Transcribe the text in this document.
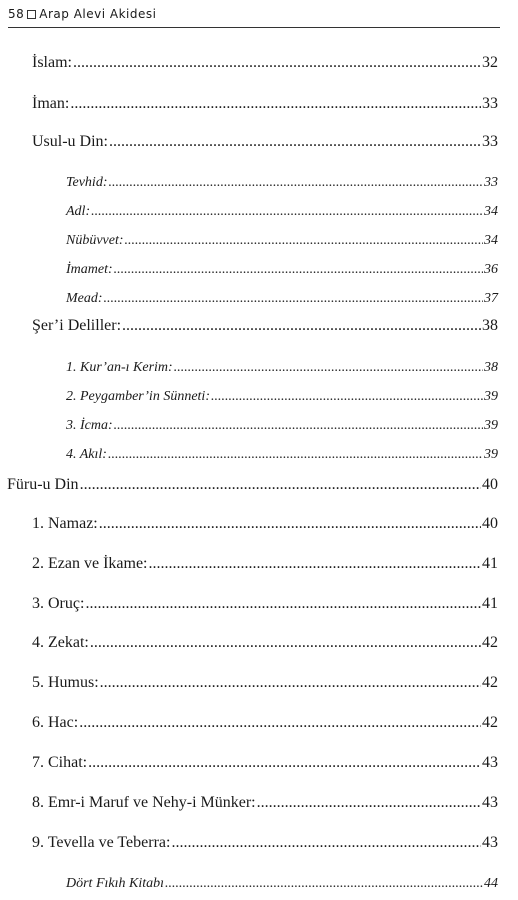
58 Arap Alevi Akidesi
İslam: .....	32
İman: .....	33
Usul-u Din: .....	33
Tevhid: .....	33
Adl: .....	34
Nübüvvet: .....	34
İmamet: .....	36
Mead: .....	37
Şer’i Deliller: .....	38
1. Kur’an-ı Kerim: .....	38
2. Peygamber’in Sünneti: .....	39
3. İcma: .....	39
4. Akıl: .....	39
Füru-u Din .....	40
1. Namaz: .....	40
2. Ezan ve İkame: .....	41
3. Oruç: .....	41
4. Zekat: .....	42
5. Humus: .....	42
6. Hac: .....	42
7. Cihat: .....	43
8. Emr-i Maruf ve Nehy-i Münker: .....	43
9. Tevella ve Teberra: .....	43
Dört Fıkıh Kitabı .....	44
